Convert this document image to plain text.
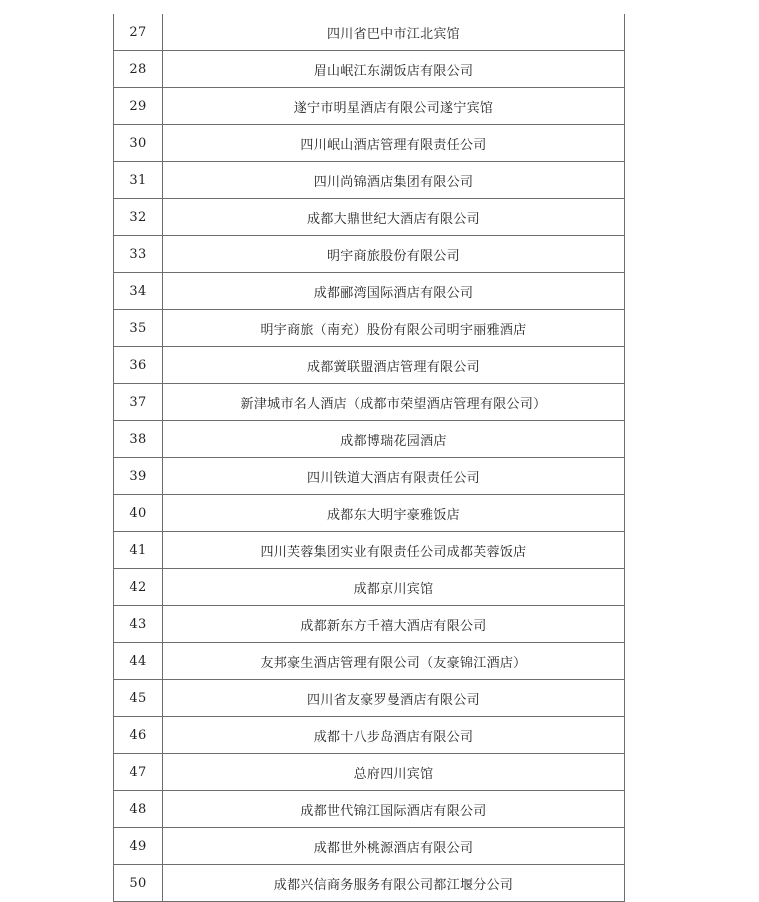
27	四川省巴中市江北宾馆
28	眉山岷江东湖饭店有限公司
29	遂宁市明星酒店有限公司遂宁宾馆
30	四川岷山酒店管理有限责任公司
31	四川尚锦酒店集团有限公司
32	成都大鼎世纪大酒店有限公司
33	明宇商旅股份有限公司
34	成都郦湾国际酒店有限公司
35	明宇商旅（南充）股份有限公司明宇丽雅酒店
36	成都黉联盟酒店管理有限公司
37	新津城市名人酒店（成都市荣望酒店管理有限公司）
38	成都博瑞花园酒店
39	四川铁道大酒店有限责任公司
40	成都东大明宇豪雅饭店
41	四川芙蓉集团实业有限责任公司成都芙蓉饭店
42	成都京川宾馆
43	成都新东方千禧大酒店有限公司
44	友邦豪生酒店管理有限公司（友豪锦江酒店）
45	四川省友豪罗曼酒店有限公司
46	成都十八步岛酒店有限公司
47	总府四川宾馆
48	成都世代锦江国际酒店有限公司
49	成都世外桃源酒店有限公司
50	成都兴信商务服务有限公司都江堰分公司
